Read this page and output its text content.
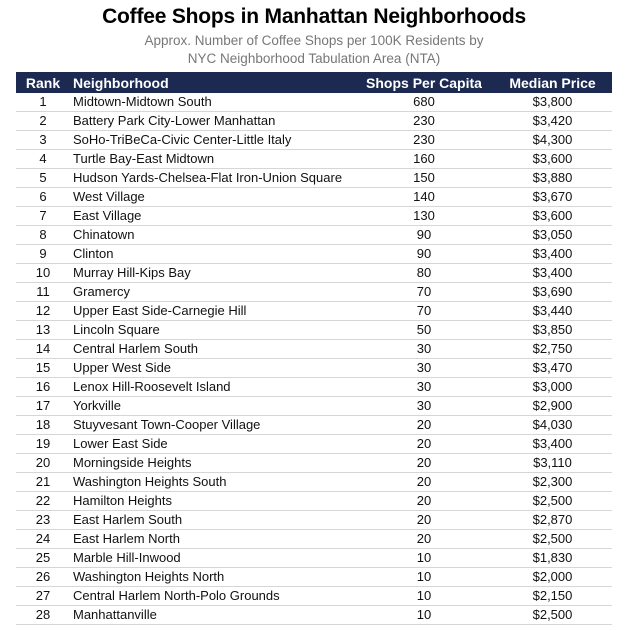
Coffee Shops in Manhattan Neighborhoods
Approx. Number of Coffee Shops per 100K Residents by
NYC Neighborhood Tabulation Area (NTA)
Rank	Neighborhood	Shops Per Capita	Median Price
1	Midtown-Midtown South	680	$3,800
2	Battery Park City-Lower Manhattan	230	$3,420
3	SoHo-TriBeCa-Civic Center-Little Italy	230	$4,300
4	Turtle Bay-East Midtown	160	$3,600
5	Hudson Yards-Chelsea-Flat Iron-Union Square	150	$3,880
6	West Village	140	$3,670
7	East Village	130	$3,600
8	Chinatown	90	$3,050
9	Clinton	90	$3,400
10	Murray Hill-Kips Bay	80	$3,400
11	Gramercy	70	$3,690
12	Upper East Side-Carnegie Hill	70	$3,440
13	Lincoln Square	50	$3,850
14	Central Harlem South	30	$2,750
15	Upper West Side	30	$3,470
16	Lenox Hill-Roosevelt Island	30	$3,000
17	Yorkville	30	$2,900
18	Stuyvesant Town-Cooper Village	20	$4,030
19	Lower East Side	20	$3,400
20	Morningside Heights	20	$3,110
21	Washington Heights South	20	$2,300
22	Hamilton Heights	20	$2,500
23	East Harlem South	20	$2,870
24	East Harlem North	20	$2,500
25	Marble Hill-Inwood	10	$1,830
26	Washington Heights North	10	$2,000
27	Central Harlem North-Polo Grounds	10	$2,150
28	Manhattanville	10	$2,500
